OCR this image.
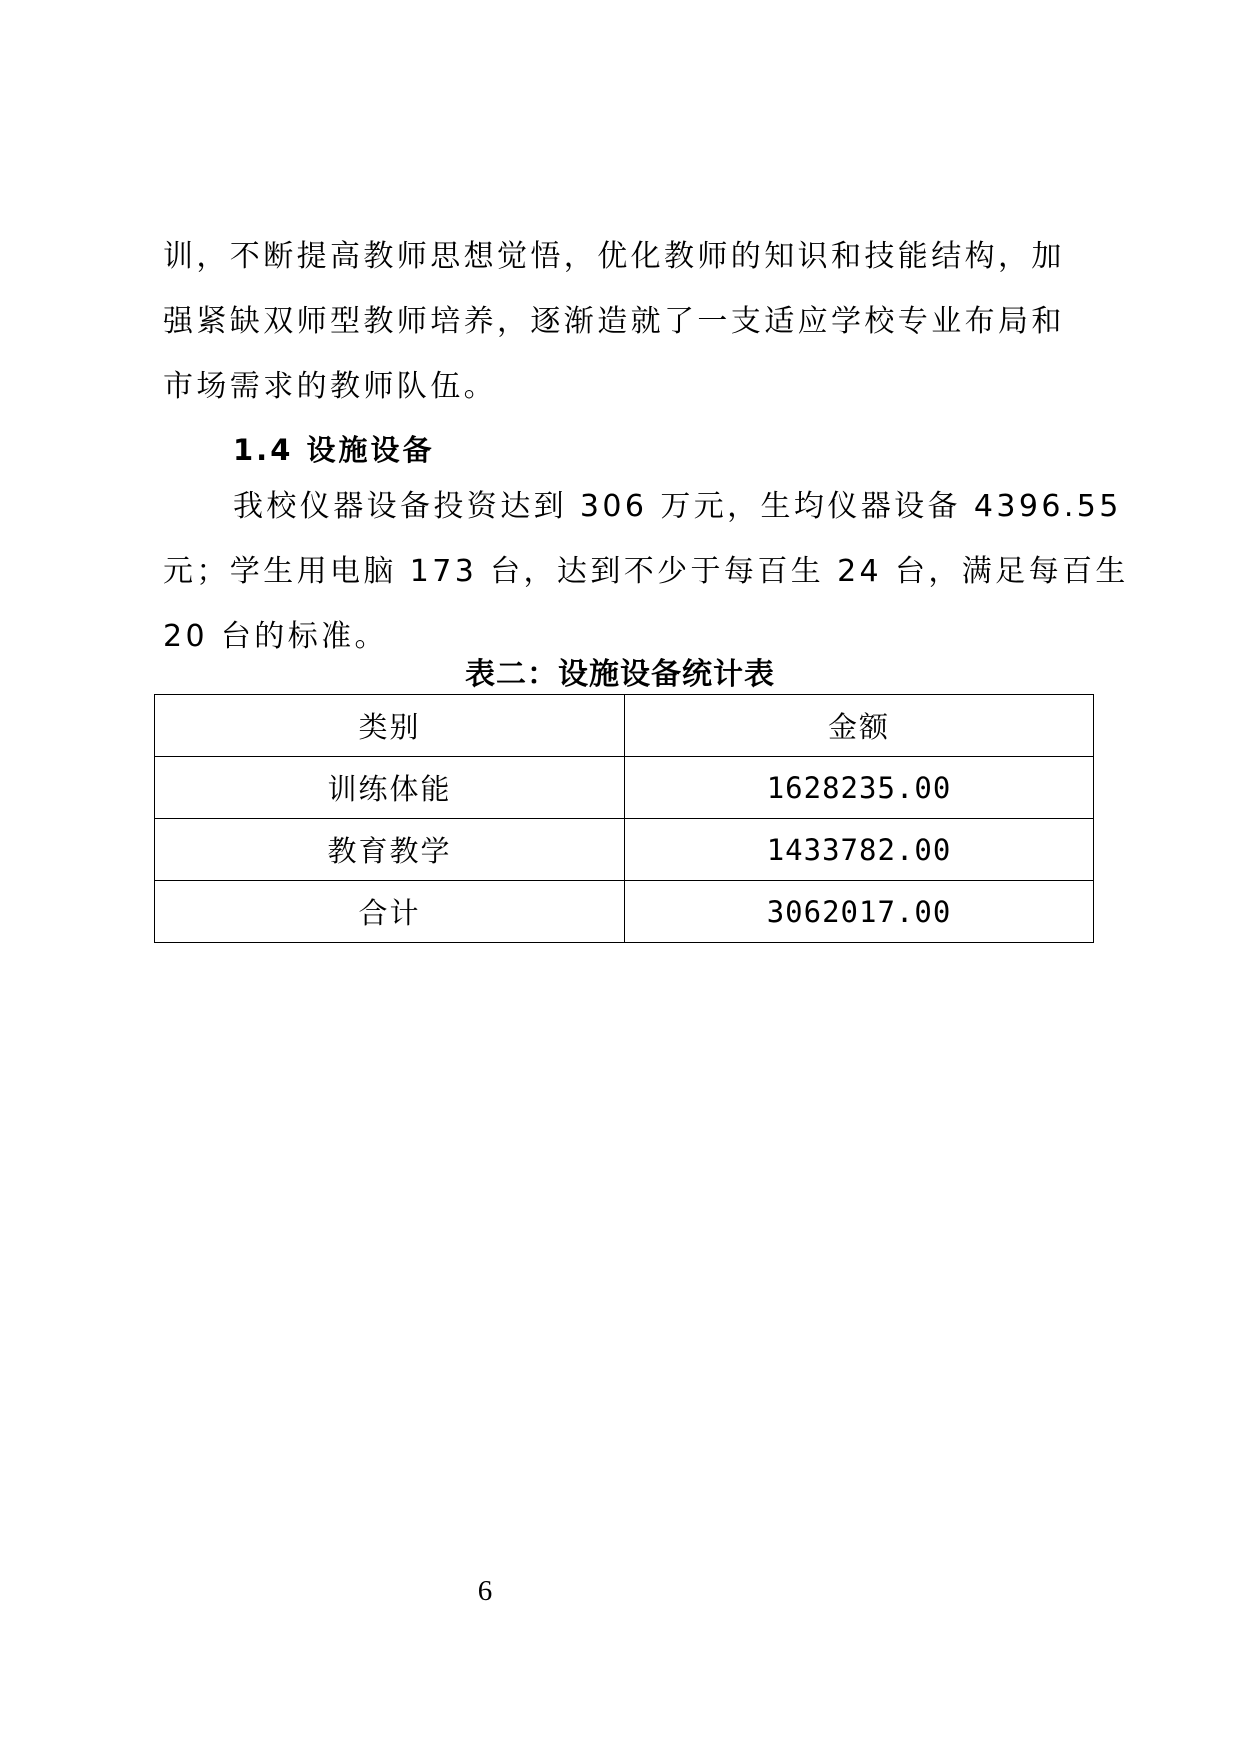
训，不断提高教师思想觉悟，优化教师的知识和技能结构，加
强紧缺双师型教师培养，逐渐造就了一支适应学校专业布局和
市场需求的教师队伍。

1.4 设施设备

我校仪器设备投资达到 306 万元，生均仪器设备 4396.55
元；学生用电脑 173 台，达到不少于每百生 24 台，满足每百生
20 台的标准。

表二：设施设备统计表

类别	金额
训练体能	1628235.00
教育教学	1433782.00
合计	3062017.00

6
